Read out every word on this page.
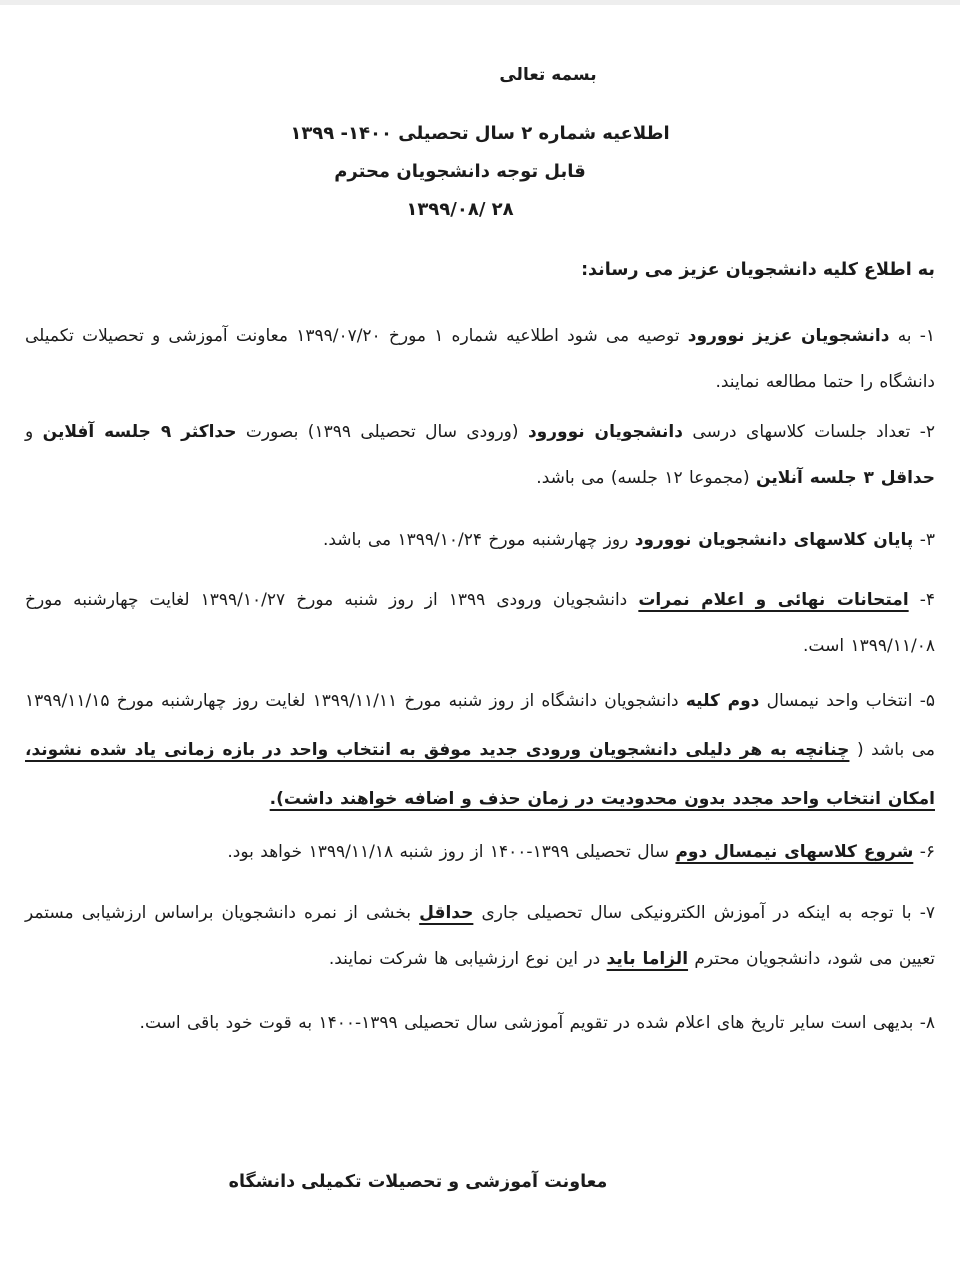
بسمه تعالی

اطلاعیه شماره ۲ سال تحصیلی ۱۴۰۰- ۱۳۹۹

قابل توجه دانشجویان محترم

۲۸ /۱۳۹۹/۰۸

به اطلاع کلیه دانشجویان عزیز می رساند:

۱- به دانشجویان عزیز نوورود توصیه می شود اطلاعیه شماره ۱ مورخ ۱۳۹۹/۰۷/۲۰ معاونت آموزشی و تحصیلات تکمیلی دانشگاه را حتما مطالعه نمایند.

۲- تعداد جلسات کلاسهای درسی دانشجویان نوورود (ورودی سال تحصیلی ۱۳۹۹) بصورت حداکثر ۹ جلسه آفلاین و حداقل ۳ جلسه آنلاین (مجموعا ۱۲ جلسه) می باشد.

۳- پایان کلاسهای دانشجویان نوورود روز چهارشنبه مورخ ۱۳۹۹/۱۰/۲۴ می باشد.

۴- امتحانات نهائی و اعلام نمرات دانشجویان ورودی ۱۳۹۹ از روز شنبه مورخ ۱۳۹۹/۱۰/۲۷ لغایت چهارشنبه مورخ ۱۳۹۹/۱۱/۰۸ است.

۵- انتخاب واحد نیمسال دوم کلیه دانشجویان دانشگاه از روز شنبه مورخ ۱۳۹۹/۱۱/۱۱ لغایت روز چهارشنبه مورخ ۱۳۹۹/۱۱/۱۵ می باشد ( چنانچه به هر دلیلی دانشجویان ورودی جدید موفق به انتخاب واحد در بازه زمانی یاد شده نشوند، امکان انتخاب واحد مجدد بدون محدودیت در زمان حذف و اضافه خواهند داشت).

۶- شروع کلاسهای نیمسال دوم سال تحصیلی ۱۳۹۹-۱۴۰۰ از روز شنبه ۱۳۹۹/۱۱/۱۸ خواهد بود.

۷- با توجه به اینکه در آموزش الکترونیکی سال تحصیلی جاری حداقل بخشی از نمره دانشجویان براساس ارزشیابی مستمر تعیین می شود، دانشجویان محترم الزاما باید در این نوع ارزشیابی ها شرکت نمایند.

۸- بدیهی است سایر تاریخ های اعلام شده در تقویم آموزشی سال تحصیلی ۱۳۹۹-۱۴۰۰ به قوت خود باقی است.

معاونت آموزشی و تحصیلات تکمیلی دانشگاه
